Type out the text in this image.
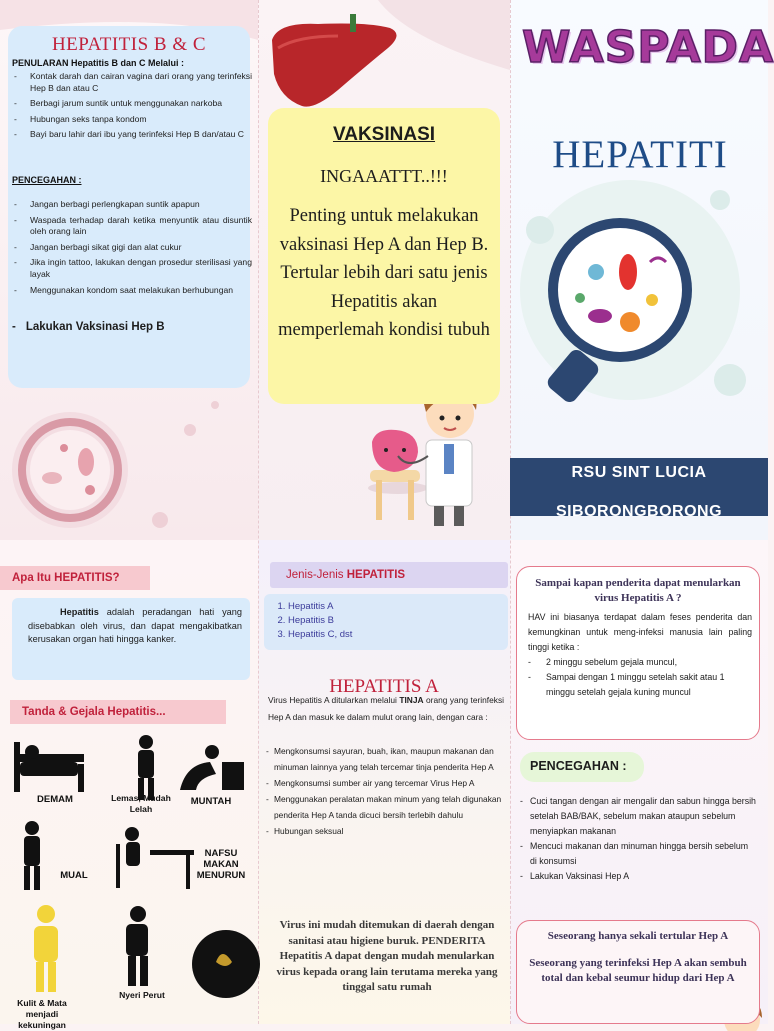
HEPATITIS B & C
PENULARAN Hepatitis B dan C Melalui :
- Kontak darah dan cairan vagina dari orang yang terinfeksi Hep B dan atau C
- Berbagi jarum suntik untuk menggunakan narkoba
- Hubungan seks tanpa kondom
- Bayi baru lahir dari ibu yang terinfeksi Hep B dan/atau C
PENCEGAHAN :
- Jangan berbagi perlengkapan suntik apapun
- Waspada terhadap darah ketika menyuntik atau disuntik oleh orang lain
- Jangan berbagi sikat gigi dan alat cukur
- Jika ingin tattoo, lakukan dengan prosedur sterilisasi yang layak
- Menggunakan kondom saat melakukan berhubungan
- Lakukan Vaksinasi Hep B
VAKSINASI
INGAAATTT..!!!
Penting untuk melakukan vaksinasi Hep A dan Hep B. Tertular lebih dari satu jenis Hepatitis akan memperlemah kondisi tubuh
WASPADA
HEPATITI
RSU SINT LUCIA
SIBORONGBORONG
Apa Itu HEPATITIS?
Hepatitis adalah peradangan hati yang disebabkan oleh virus, dan dapat mengakibatkan kerusakan organ hati hingga kanker.
Tanda & Gejala Hepatitis...
DEMAM	Lemas, Mudah Lelah
MUNTAH
MUAL
NAFSU MAKAN MENURUN
Kulit & Mata menjadi kekuningan
Nyeri Perut
Jenis-Jenis HEPATITIS
1. Hepatitis A
2. Hepatitis B
3. Hepatitis C, dst
HEPATITIS A
Virus Hepatitis A ditularkan melalui TINJA orang yang terinfeksi Hep A dan masuk ke dalam mulut orang lain, dengan cara :
- Mengkonsumsi sayuran, buah, ikan, maupun makanan dan minuman lainnya yang telah tercemar tinja penderita Hep A
- Mengkonsumsi sumber air yang tercemar Virus Hep A
- Menggunakan peralatan makan minum yang telah digunakan penderita Hep A tanda dicuci bersih terlebih dahulu
- Hubungan seksual
Virus ini mudah ditemukan di daerah dengan sanitasi atau higiene buruk. PENDERITA Hepatitis A dapat dengan mudah menularkan virus kepada orang lain terutama mereka yang tinggal satu rumah
Sampai kapan penderita dapat menularkan virus Hepatitis A ?
HAV ini biasanya terdapat dalam feses penderita dan kemungkinan untuk meng-infeksi manusia lain paling tinggi ketika :
- 2 minggu sebelum gejala muncul,
- Sampai dengan 1 minggu setelah sakit atau 1 minggu setelah gejala kuning muncul
PENCEGAHAN :
- Cuci tangan dengan air mengalir dan sabun hingga bersih setelah BAB/BAK, sebelum makan ataupun sebelum menyiapkan makanan
- Mencuci makanan dan minuman hingga bersih sebelum di konsumsi
- Lakukan Vaksinasi Hep A
Seseorang hanya sekali tertular Hep A
Seseorang yang terinfeksi Hep A akan sembuh total dan kebal seumur hidup dari Hep A
